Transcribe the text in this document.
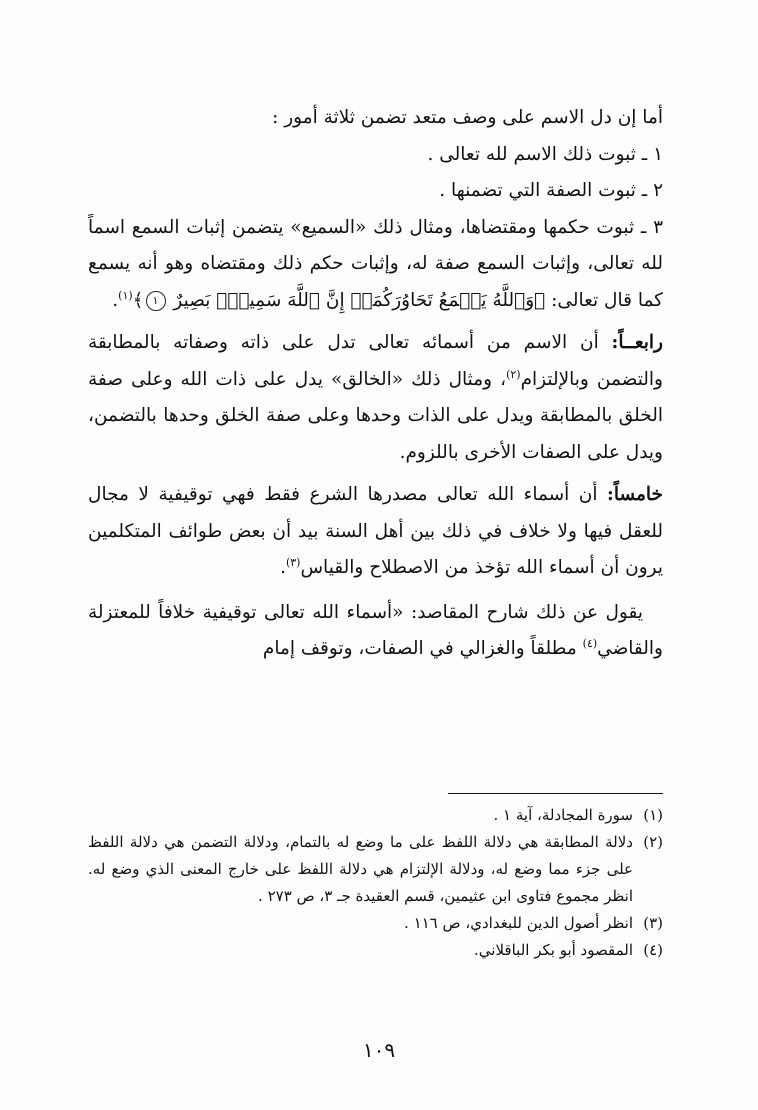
أما إن دل الاسم على وصف متعد تضمن ثلاثة أمور :

١ ـ ثبوت ذلك الاسم لله تعالى .

٢ ـ ثبوت الصفة التي تضمنها .

٣ ـ ثبوت حكمها ومقتضاها، ومثال ذلك «السميع» يتضمن إثبات السمع اسماً لله تعالى، وإثبات السمع صفة له، وإثبات حكم ذلك ومقتضاه وهو أنه يسمع كما قال تعالى: ﴿وَٱللَّهُ يَسۡمَعُ تَحَاوُرَكُمَآۚ إِنَّ ٱللَّهَ سَمِيعُۢ بَصِيرٌ ١﴾$^{(١)}$.

رابعــاً: أن الاسم من أسمائه تعالى تدل على ذاته وصفاته بالمطابقة والتضمن وبالإلتزام$^{(٢)}$، ومثال ذلك «الخالق» يدل على ذات الله وعلى صفة الخلق بالمطابقة ويدل على الذات وحدها وعلى صفة الخلق وحدها بالتضمن، ويدل على الصفات الأخرى باللزوم.

خامساً: أن أسماء الله تعالى مصدرها الشرع فقط فهي توقيفية لا مجال للعقل فيها ولا خلاف في ذلك بين أهل السنة بيد أن بعض طوائف المتكلمين يرون أن أسماء الله تؤخذ من الاصطلاح والقياس$^{(٣)}$.

يقول عن ذلك شارح المقاصد: «أسماء الله تعالى توقيفية خلافاً للمعتزلة والقاضي$^{(٤)}$ مطلقاً والغزالي في الصفات، وتوقف إمام

(١)
سورة المجادلة، آية ١ .
(٢)
دلالة المطابقة هي دلالة اللفظ على ما وضع له بالتمام، ودلالة التضمن هي دلالة اللفظ على جزء مما وضع له، ودلالة الإلتزام هي دلالة اللفظ على خارج المعنى الذي وضع له. انظر مجموع فتاوى ابن عثيمين، قسم العقيدة جـ ٣، ص ٢٧٣ .
(٣)
انظر أصول الدين للبغدادي، ص ١١٦ .
(٤)
المقصود أبو بكر الباقلاني.
١٠٩
